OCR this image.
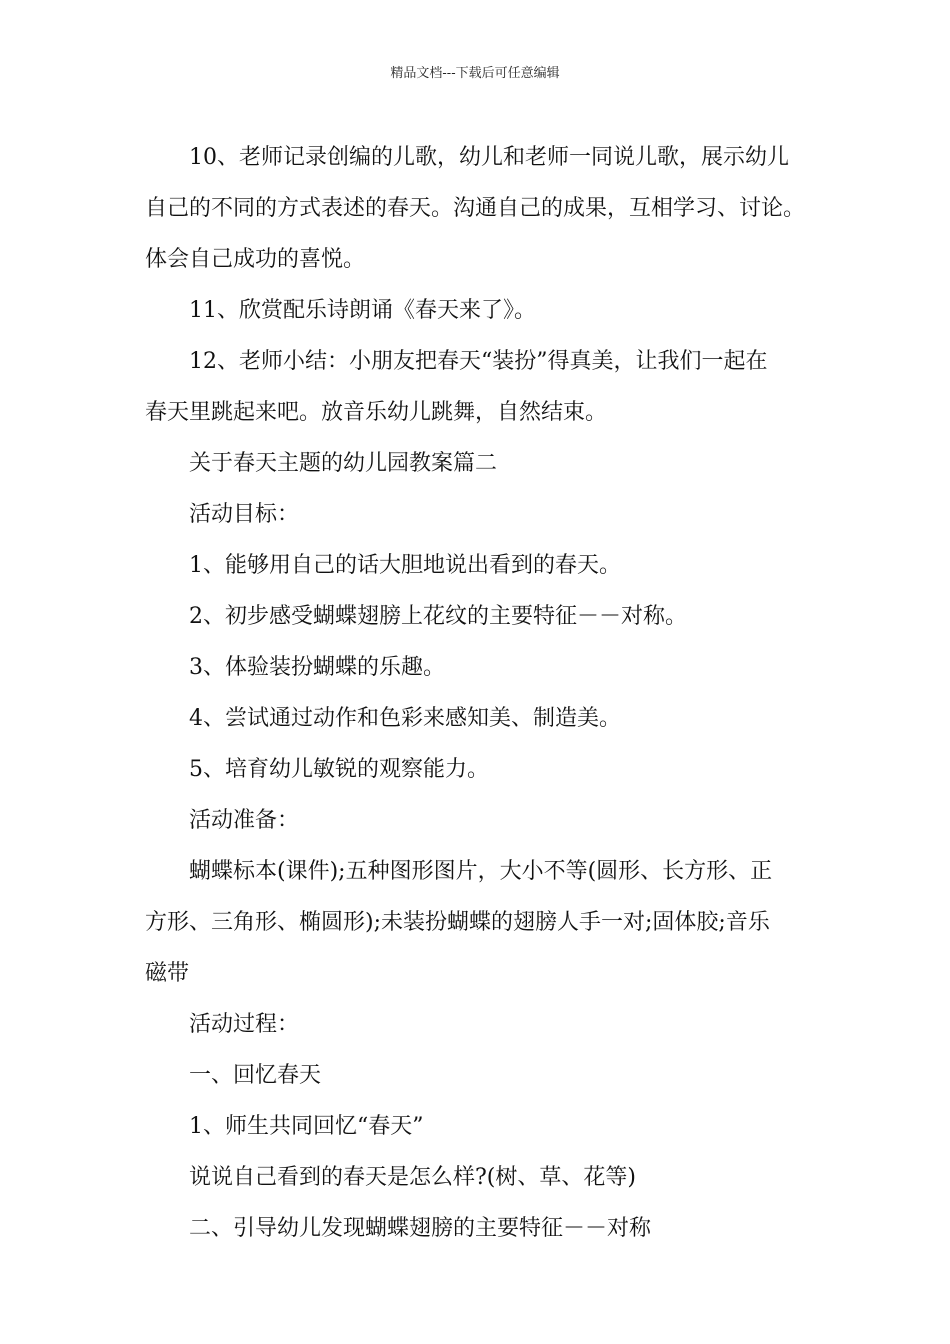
精品文档---下载后可任意编辑

10、老师记录创编的儿歌，幼儿和老师一同说儿歌，展示幼儿

自己的不同的方式表述的春天。沟通自己的成果，互相学习、讨论。

体会自己成功的喜悦。

11、欣赏配乐诗朗诵《春天来了》。

12、老师小结：小朋友把春天“装扮”得真美，让我们一起在

春天里跳起来吧。放音乐幼儿跳舞，自然结束。

关于春天主题的幼儿园教案篇二

活动目标：

1、能够用自己的话大胆地说出看到的春天。

2、初步感受蝴蝶翅膀上花纹的主要特征－－对称。

3、体验装扮蝴蝶的乐趣。

4、尝试通过动作和色彩来感知美、制造美。

5、培育幼儿敏锐的观察能力。

活动准备：

蝴蝶标本(课件);五种图形图片，大小不等(圆形、长方形、正

方形、三角形、椭圆形);未装扮蝴蝶的翅膀人手一对;固体胶;音乐

磁带

活动过程：

一、回忆春天

1、师生共同回忆“春天”

说说自己看到的春天是怎么样?(树、草、花等)

二、引导幼儿发现蝴蝶翅膀的主要特征－－对称
